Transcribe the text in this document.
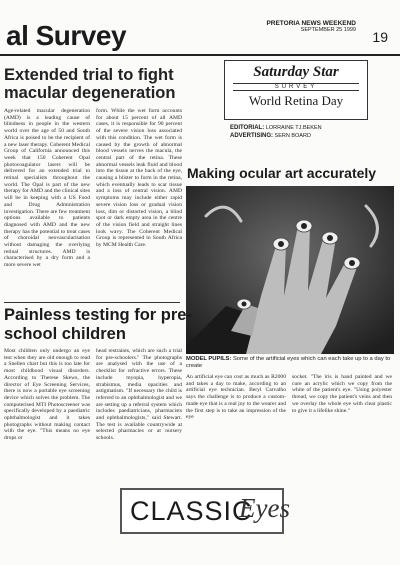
al Survey	PRETORIA NEWS WEEKEND
SEPTEMBER 25 1999 19
Saturday Star
SURVEY
World Retina Day
EDITORIAL: LORRAINE TJ.BEKEN
ADVERTISING: SERN BOARD
Extended trial to fight macular degeneration
Age-related macular degeneration (AMD) is a leading cause of blindness in people in the western world over the age of 50 and South Africa is poised to be the recipient of a new laser therapy. Coherent Medical Group of California announced this week that 150 Coherent Opal photocoagulator lasers will be delivered for an extended trial to retinal specialists throughout the world. The Opal is part of the new therapy for AMD and the clinical sites will be in keeping with a US Food and Drug Administration investigation. There are few treatment options available to patients diagnosed with AMD and the new therapy has the potential to treat cases of choroidal neovascularisation without damaging the overlying retinal structures. AMD is characterised by a dry form and a more severe wet
form. While the wet form accounts for about 15 percent of all AMD cases, it is responsible for 90 percent of the severe vision loss associated with this condition. The wet form is caused by the growth of abnormal blood vessels nerves the macula, the central part of the retina. These abnormal vessels leak fluid and blood into the tissue at the back of the eye, causing a blister to form in the retina, which eventually leads to scar tissue and a loss of central vision. AMD symptoms may include either rapid severe vision loss or gradual vision loss, dim or distorted vision, a blind spot or dark empty area in the centre of the vision field and straight lines look wavy. The Coherent Medical Group is represented in South Africa by MCM Health Care.
Making ocular art accurately
MODEL PUPILS: Some of the artificial eyes which can each take up to a day to create
An artificial eye can cost as much as R2000 and takes a day to make, according to an artificial eye technician. Beryl Carvalho says the challenge is to produce a custom-made eye that is a real joy to the wearer and the first step is to take an impression of the eye
socket. "The iris is hand painted and we cure an acrylic which we copy from the white of the patient's eye. "Using polyester thread, we copy the patient's veins and then we overlay the whole eye with clear plastic to give it a lifelike shine."
Painless testing for pre-school children
Most children only undergo an eye test when they are old enough to read a Snellen chart but this is too late for most childhood visual disorders. According to Therese Skews, the director of Eye Screening Services, there is now a portable eye screening device which solves the problem. The computerised MTI Photoscreener was specifically developed by a paediatric ophthalmologist and it takes photographs without making contact with the eye. "This means no eye drops or
head restraints, which are such a trial for pre-schoolers." The photographs are analysed with the use of a checklist for refractive errors. These include myopia, hyperopia, strabismus, media opacities and astigmatism. "If necessary the child is referred to an ophthalmologist and we are setting up a referral system which includes paediatricians, pharmacists and ophthalmologists," said Stewart. The test is available countrywide at selected pharmacies or at nursery schools.
CLASSIC
Eyes
